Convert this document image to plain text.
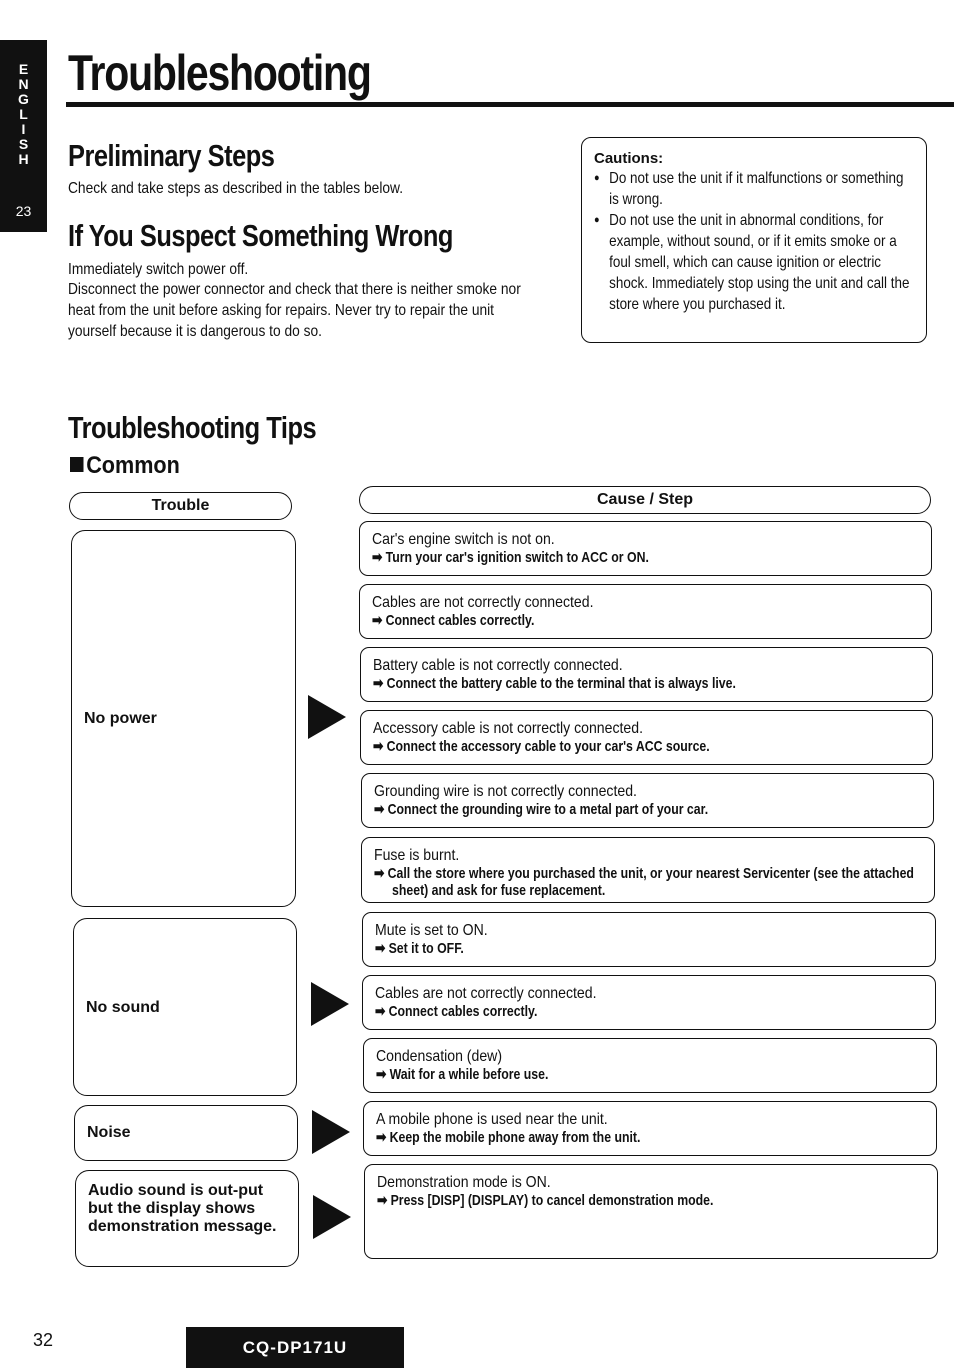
E
N
G
L
I
S
H
23
Troubleshooting
Preliminary Steps
Check and take steps as described in the tables below.
If You Suspect Something Wrong
Immediately switch power off.
Disconnect the power connector and check that there is neither smoke nor heat from the unit before asking for repairs. Never try to repair the unit yourself because it is dangerous to do so.
Cautions:
● Do not use the unit if it malfunctions or something is wrong.
● Do not use the unit in abnormal conditions, for example, without sound, or if it emits smoke or a foul smell, which can cause ignition or electric shock. Immediately stop using the unit and call the store where you purchased it.
Troubleshooting Tips
Common
Trouble	Cause / Step
No power
No sound
Noise
Audio sound is out-put but the display shows demonstration message.
Car's engine switch is not on.
➡ Turn your car's ignition switch to ACC or ON.
Cables are not correctly connected.
➡ Connect cables correctly.
Battery cable is not correctly connected.
➡ Connect the battery cable to the terminal that is always live.
Accessory cable is not correctly connected.
➡ Connect the accessory cable to your car's ACC source.
Grounding wire is not correctly connected.
➡ Connect the grounding wire to a metal part of your car.
Fuse is burnt.
➡ Call the store where you purchased the unit, or your nearest Servicenter (see the attached sheet) and ask for fuse replacement.
Mute is set to ON.
➡ Set it to OFF.
Cables are not correctly connected.
➡ Connect cables correctly.
Condensation (dew)
➡ Wait for a while before use.
A mobile phone is used near the unit.
➡ Keep the mobile phone away from the unit.
Demonstration mode is ON.
➡ Press [DISP] (DISPLAY) to cancel demonstration mode.
32	CQ-DP171U
